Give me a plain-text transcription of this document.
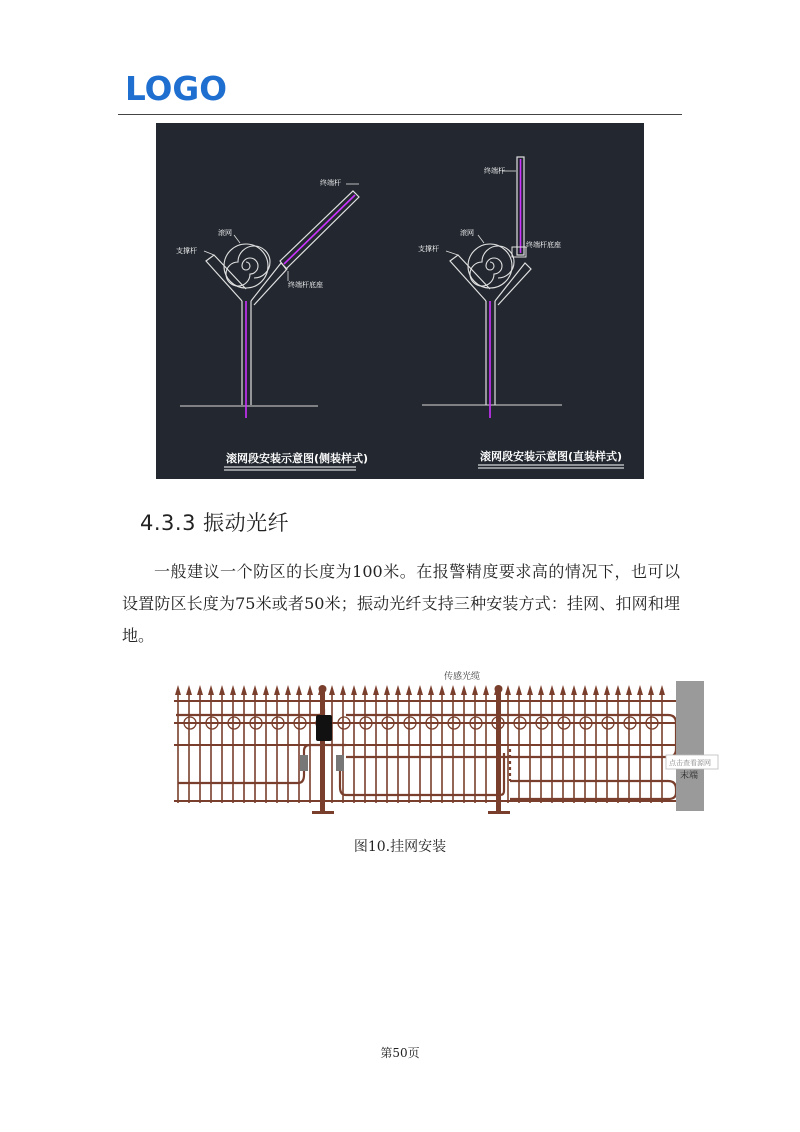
LOGO
终端杆
滚网
支撑杆
终端杆底座
滚网段安装示意图(侧装样式)
终端杆
滚网
支撑杆	终端杆底座
滚网段安装示意图(直装样式)
4.3.3 振动光纤

一般建议一个防区的长度为100米。在报警精度要求高的情况下，也可以设置防区长度为75米或者50米；振动光纤支持三种安装方式：挂网、扣网和埋地。

点击查看源网
末端
传感光缆
图10.挂网安装
第50页
